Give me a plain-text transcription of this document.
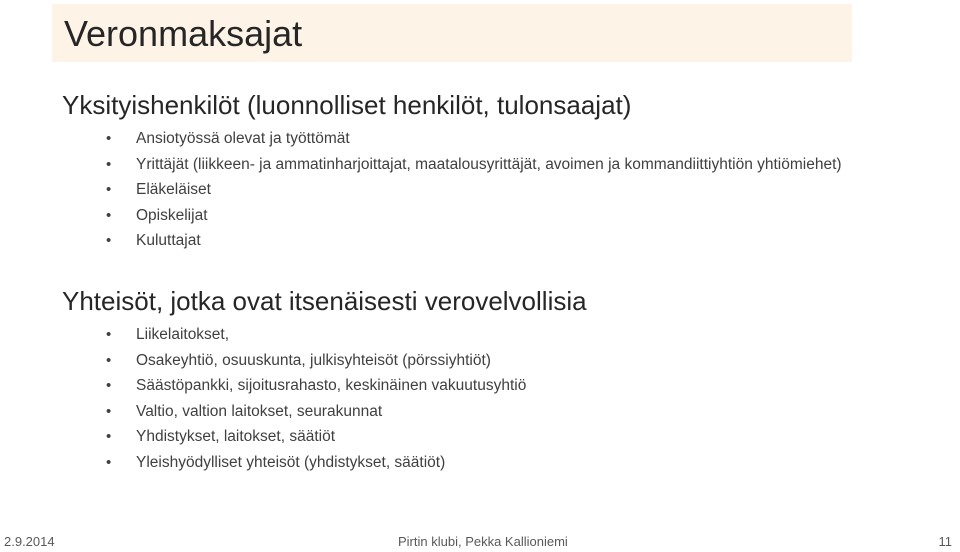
Veronmaksajat
Yksityishenkilöt (luonnolliset henkilöt, tulonsaajat)
• Ansiotyössä olevat ja työttömät
• Yrittäjät (liikkeen- ja ammatinharjoittajat, maatalousyrittäjät, avoimen ja kommandiittiyhtiön yhtiömiehet)
• Eläkeläiset
• Opiskelijat
• Kuluttajat
Yhteisöt, jotka ovat itsenäisesti verovelvollisia
• Liikelaitokset,
• Osakeyhtiö, osuuskunta, julkisyhteisöt (pörssiyhtiöt)
• Säästöpankki, sijoitusrahasto, keskinäinen vakuutusyhtiö
• Valtio, valtion laitokset, seurakunnat
• Yhdistykset, laitokset, säätiöt
• Yleishyödylliset yhteisöt (yhdistykset, säätiöt)
2.9.2014	Pirtin klubi, Pekka Kallioniemi	11
